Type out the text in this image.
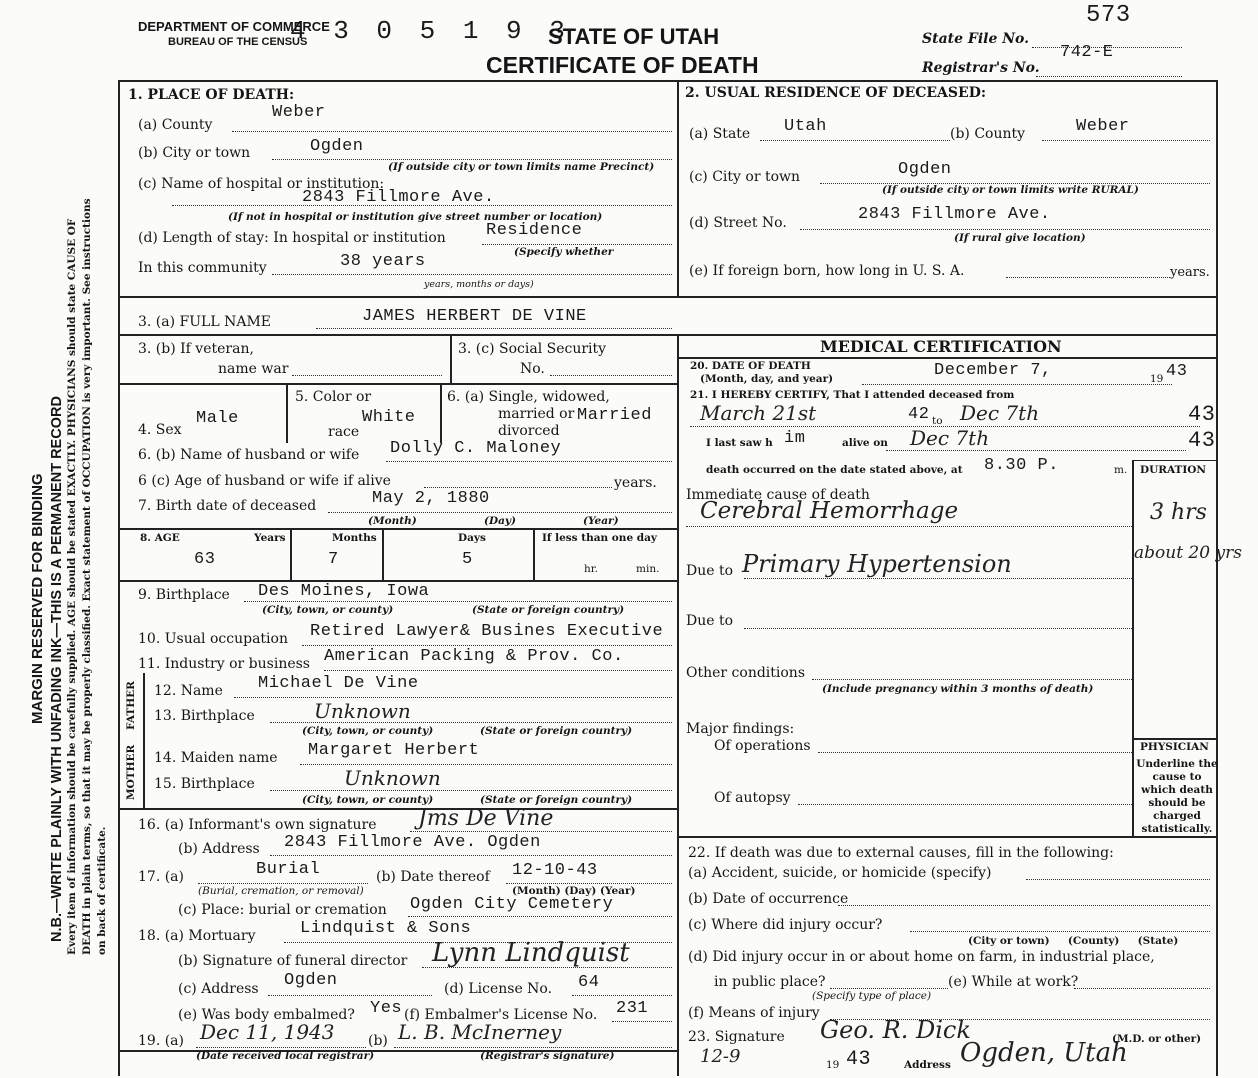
MARGIN RESERVED FOR BINDING N.B.—WRITE PLAINLY WITH UNFADING INK—THIS IS A PERMANENT RECORD Every item of information should be carefully supplied. AGE should be stated EXACTLY. PHYSICIANS should state CAUSE OF DEATH in plain terms, so that it may be properly classified. Exact statement of OCCUPATION is very important. See instructions on back of certificate.
DEPARTMENT OF COMMERCE
BUREAU OF THE CENSUS
4 3 0 5 1 9 3
STATE OF UTAH
CERTIFICATE OF DEATH
State File No.
573
Registrar's No.
742-E
1. PLACE OF DEATH:
(a) County
Weber
(b) City or town	Ogden
(If outside city or town limits name Precinct)
(c) Name of hospital or institution:
2843 Fillmore Ave.
(If not in hospital or institution give street number or location)
(d) Length of stay: In hospital or institution Residence
(Specify whether
In this community	38 years
years, months or days)
2. USUAL RESIDENCE OF DECEASED:
(a) State Utah	(b) County	Weber
(c) City or town	Ogden
(If outside city or town limits write RURAL)
(d) Street No.	2843 Fillmore Ave.
(If rural give location)
(e) If foreign born, how long in U. S. A.	years.
3. (a) FULL NAME	JAMES HERBERT DE VINE
3. (b) If veteran,
name war
3. (c) Social Security
No.
4. Sex
Male
5. Color or
race
White
6. (a) Single, widowed,
married or
divorced
Married
6. (b) Name of husband or wife Dolly C. Maloney
6 (c) Age of husband or wife if alive	years.
7. Birth date of deceased	May 2, 1880
(Month)	(Day)	(Year)
8. AGE	Years	Months	Days	If less than one day
63	7	5	hr.	min.
9. Birthplace Des Moines, Iowa
(City, town, or county)	(State or foreign country)
10. Usual occupation Retired Lawyer& Busines Executive
11. Industry or business American Packing & Prov. Co.
FATHER
MOTHER
12. Name Michael De Vine
13. Birthplace	Unknown
(City, town, or county)	(State or foreign country)
14. Maiden name Margaret Herbert
15. Birthplace	Unknown
(City, town, or county)	(State or foreign country)
16. (a) Informant's own signature Jms De Vine
(b) Address 2843 Fillmore Ave. Ogden
17. (a)	Burial
(Burial, cremation, or removal)
(b) Date thereof 12-10-43
(Month) (Day) (Year)
(c) Place: burial or cremation Ogden City Cemetery
18. (a) Mortuary	Lindquist & Sons
(b) Signature of funeral director Lynn Lindquist
(c) Address Ogden	(d) License No. 64
(e) Was body embalmed? Yes (f) Embalmer's License No. 231
19. (a) Dec 11, 1943
(Date received local registrar)
(b) L. B. McInerney
(Registrar's signature)
MEDICAL CERTIFICATION
20. DATE OF DEATH
(Month, day, and year)	December 7,	19 43
21. I HEREBY CERTIFY, That I attended deceased from
March 21st	42 to Dec 7th	43
I last saw h im	alive on Dec 7th	43
death occurred on the date stated above, at 8.30 P.	m. DURATION
Immediate cause of death
Cerebral Hemorrhage	3 hrs
Due to Primary Hypertension	about 20 yrs
Due to
Other conditions
(Include pregnancy within 3 months of death)
Major findings:
Of operations
Of autopsy
PHYSICIAN
Underline the cause to which death should be charged statistically.
22. If death was due to external causes, fill in the following:
(a) Accident, suicide, or homicide (specify)
(b) Date of occurrence
(c) Where did injury occur?
(City or town)     (County)     (State)
(d) Did injury occur in or about home on farm, in industrial place,
in public place?	(e) While at work?
(Specify type of place)
(f) Means of injury
23. Signature Geo. R. Dick	(M.D. or other)
12-9	19 43	Address Ogden, Utah
